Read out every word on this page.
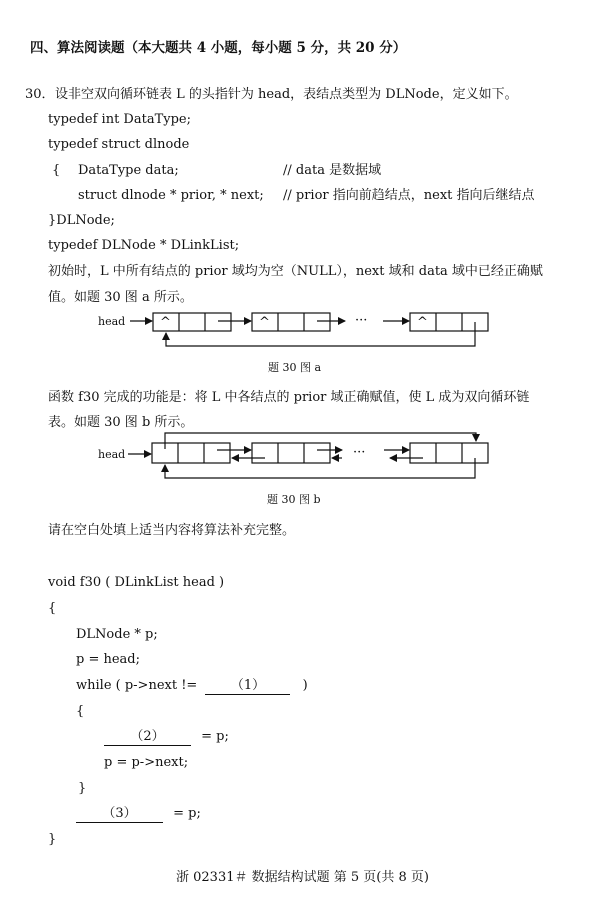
四、算法阅读题（本大题共 4 小题，每小题 5 分，共 20 分）
30． 设非空双向循环链表 L 的头指针为 head，表结点类型为 DLNode，定义如下。
typedef int DataType;
typedef struct dlnode
{ DataType data;	// data 是数据域
struct dlnode * prior, * next; // prior 指向前趋结点，next 指向后继结点
}DLNode;
typedef DLNode * DLinkList;
初始时，L 中所有结点的 prior 域均为空（NULL），next 域和 data 域中已经正确赋
值。如题 30 图 a 所示。
head	^	^	^
···
题 30 图 a
函数 f30 完成的功能是：将 L 中各结点的 prior 域正确赋值，使 L 成为双向循环链
表。如题 30 图 b 所示。
head	···
题 30 图 b
请在空白处填上适当内容将算法补充完整。
void f30 ( DLinkList head )
{
DLNode * p;
p = head;
while ( p->next !=	（1）	)
{
（2）	= p;
p = p->next;
}
（3）	= p;
}
浙 02331＃ 数据结构试题 第 5 页(共 8 页)
